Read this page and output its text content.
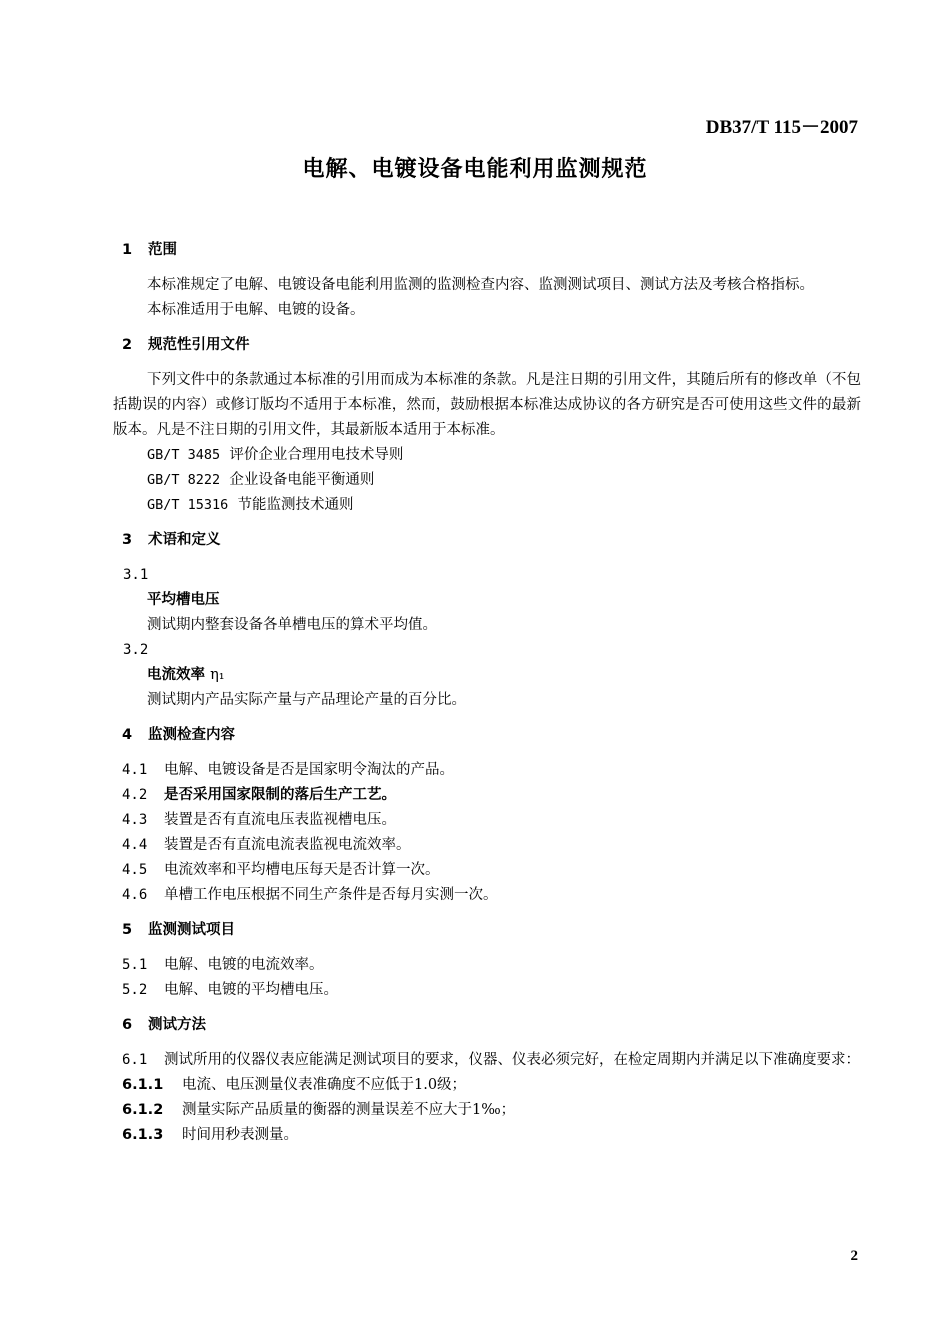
DB37/T 115－2007
电解、电镀设备电能利用监测规范
1 范围
本标准规定了电解、电镀设备电能利用监测的监测检查内容、监测测试项目、测试方法及考核合格指标。
本标准适用于电解、电镀的设备。
2 规范性引用文件
下列文件中的条款通过本标准的引用而成为本标准的条款。凡是注日期的引用文件，其随后所有的修改单（不包括勘误的内容）或修订版均不适用于本标准，然而，鼓励根据本标准达成协议的各方研究是否可使用这些文件的最新版本。凡是不注日期的引用文件，其最新版本适用于本标准。
GB/T 3485 评价企业合理用电技术导则
GB/T 8222 企业设备电能平衡通则
GB/T 15316 节能监测技术通则
3 术语和定义
3.1
平均槽电压
测试期内整套设备各单槽电压的算术平均值。
3.2
电流效率 η₁
测试期内产品实际产量与产品理论产量的百分比。
4 监测检查内容
4.1 电解、电镀设备是否是国家明令淘汰的产品。
4.2 是否采用国家限制的落后生产工艺。
4.3 装置是否有直流电压表监视槽电压。
4.4 装置是否有直流电流表监视电流效率。
4.5 电流效率和平均槽电压每天是否计算一次。
4.6 单槽工作电压根据不同生产条件是否每月实测一次。
5 监测测试项目
5.1 电解、电镀的电流效率。
5.2 电解、电镀的平均槽电压。
6 测试方法
6.1 测试所用的仪器仪表应能满足测试项目的要求，仪器、仪表必须完好，在检定周期内并满足以下准确度要求：
6.1.1 电流、电压测量仪表准确度不应低于1.0级；
6.1.2 测量实际产品质量的衡器的测量误差不应大于1‰；
6.1.3 时间用秒表测量。
2
